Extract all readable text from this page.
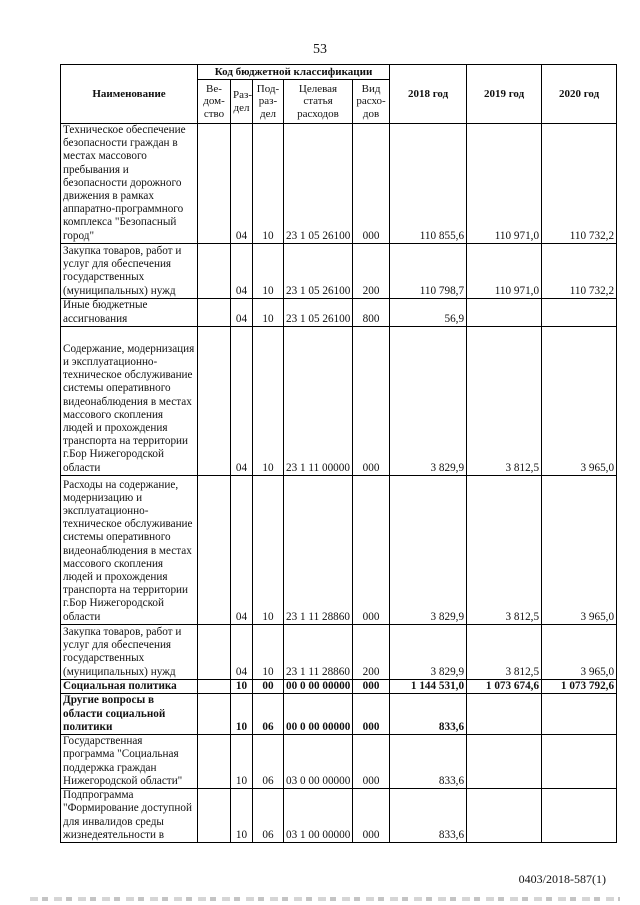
53
Наименование	Код бюджетной классификации					2018 год	2019 год	2020 год
	Ве- дом- ство	Раз- дел	Под- раз- дел	Целевая статья расходов	Вид расхо- дов			
Техническое обеспечение безопасности граждан в местах массового пребывания и безопасности дорожного движения в рамках аппаратно-программного комплекса "Безопасный город"		04	10	23 1 05 26100	000	110 855,6	110 971,0	110 732,2
Закупка товаров, работ и услуг для обеспечения государственных (муниципальных) нужд		04	10	23 1 05 26100	200	110 798,7	110 971,0	110 732,2
Иные бюджетные ассигнования		04	10	23 1 05 26100	800	56,9		
Содержание, модернизация и эксплуатационно-техническое обслуживание системы оперативного видеонаблюдения в местах массового скопления людей и прохождения транспорта на территории г.Бор Нижегородской области		04	10	23 1 11 00000	000	3 829,9	3 812,5	3 965,0
Расходы на содержание, модернизацию и эксплуатационно-техническое обслуживание системы оперативного видеонаблюдения в местах массового скопления людей и прохождения транспорта на территории г.Бор Нижегородской области		04	10	23 1 11 28860	000	3 829,9	3 812,5	3 965,0
Закупка товаров, работ и услуг для обеспечения государственных (муниципальных) нужд		04	10	23 1 11 28860	200	3 829,9	3 812,5	3 965,0
Социальная политика		10	00	00 0 00 00000	000	1 144 531,0	1 073 674,6	1 073 792,6
Другие вопросы в области социальной политики		10	06	00 0 00 00000	000	833,6		
Государственная программа "Социальная поддержка граждан Нижегородской области"		10	06	03 0 00 00000	000	833,6		
Подпрограмма "Формирование доступной для инвалидов среды жизнедеятельности в		10	06	03 1 00 00000	000	833,6		
0403/2018-587(1)
